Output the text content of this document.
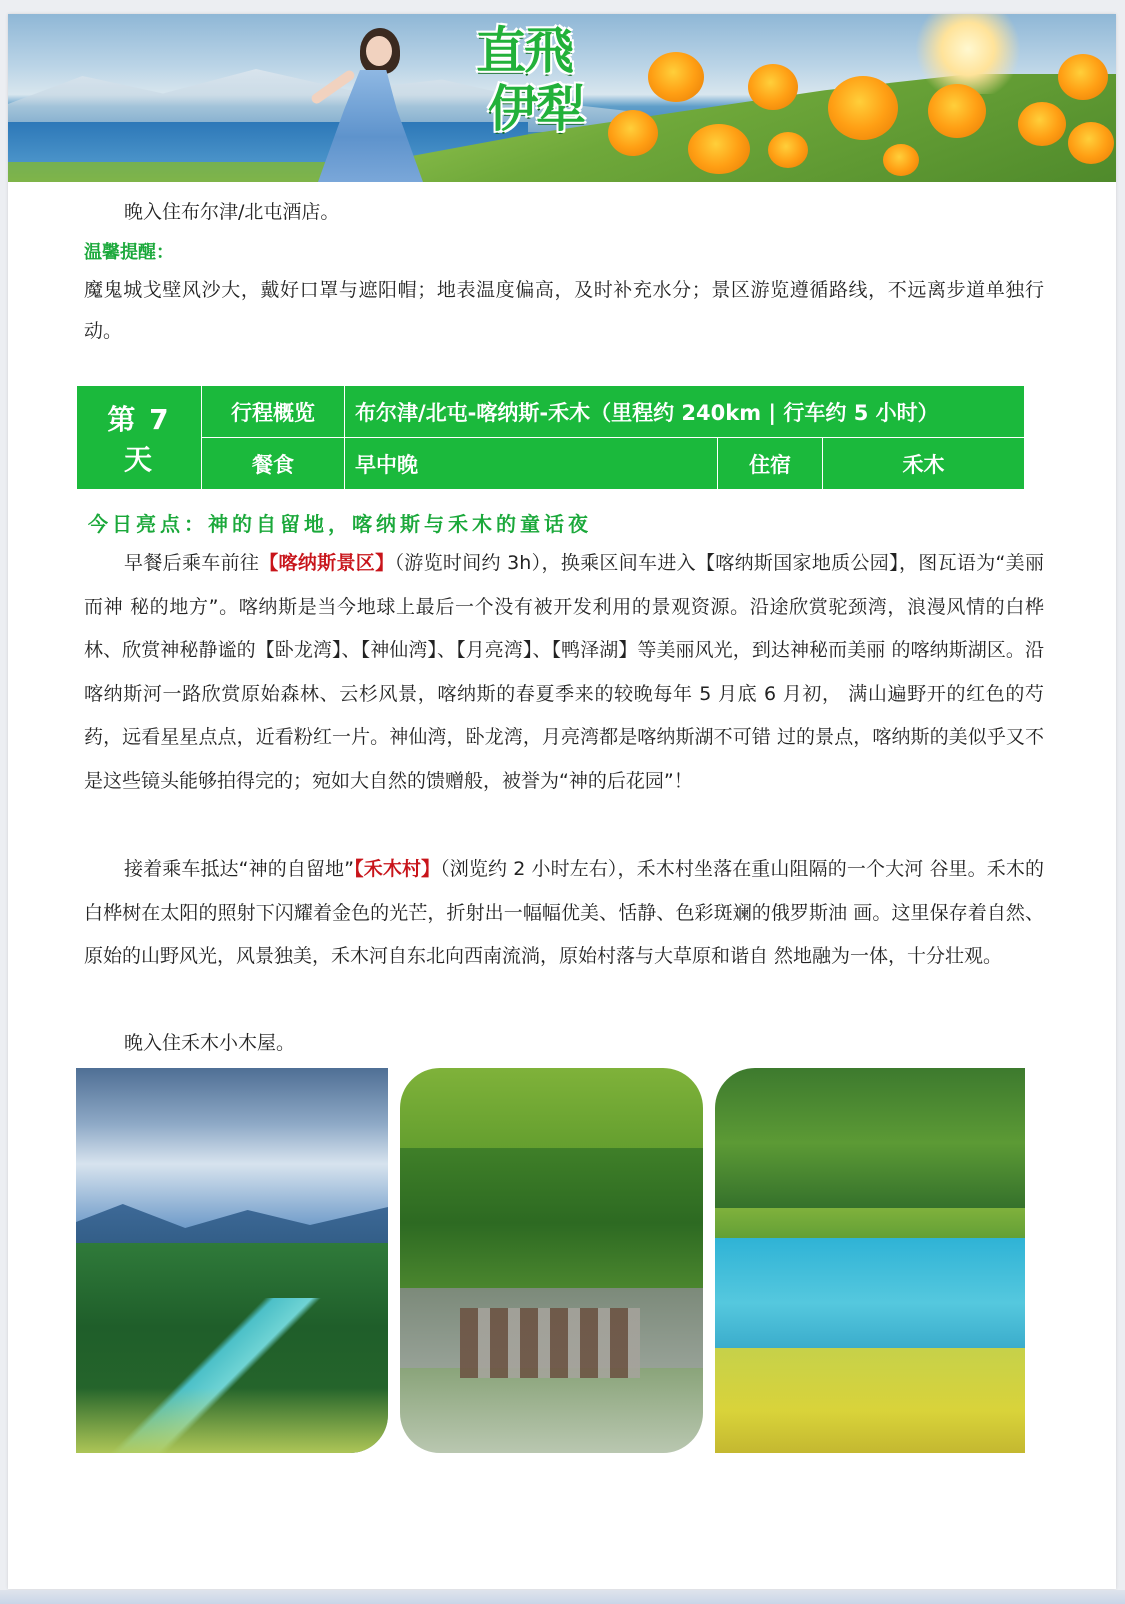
直飛
伊犁
晚入住布尔津/北屯酒店。
温馨提醒：
魔鬼城戈壁风沙大，戴好口罩与遮阳帽；地表温度偏高，及时补充水分；景区游览遵循路线，不远离步道单独行动。
第 7 天	行程概览	布尔津/北屯-喀纳斯-禾木（里程约 240km | 行车约 5 小时）		
	餐食	早中晚	住宿	禾木
今日亮点：神的自留地，喀纳斯与禾木的童话夜
早餐后乘车前往【喀纳斯景区】（游览时间约 3h），换乘区间车进入【喀纳斯国家地质公园】，图瓦语为“美丽而神 秘的地方”。喀纳斯是当今地球上最后一个没有被开发利用的景观资源。沿途欣赏驼颈湾，浪漫风情的白桦林、欣赏神秘静谧的【卧龙湾】、【神仙湾】、【月亮湾】、【鸭泽湖】等美丽风光，到达神秘而美丽 的喀纳斯湖区。沿喀纳斯河一路欣赏原始森林、云杉风景，喀纳斯的春夏季来的较晚每年 5 月底 6 月初， 满山遍野开的红色的芍药，远看星星点点，近看粉红一片。神仙湾，卧龙湾，月亮湾都是喀纳斯湖不可错 过的景点，喀纳斯的美似乎又不是这些镜头能够拍得完的；宛如大自然的馈赠般，被誉为“神的后花园”！
接着乘车抵达“神的自留地”【禾木村】（浏览约 2 小时左右），禾木村坐落在重山阻隔的一个大河 谷里。禾木的白桦树在太阳的照射下闪耀着金色的光芒，折射出一幅幅优美、恬静、色彩斑斓的俄罗斯油 画。这里保存着自然、原始的山野风光，风景独美，禾木河自东北向西南流淌，原始村落与大草原和谐自 然地融为一体，十分壮观。
晚入住禾木小木屋。
